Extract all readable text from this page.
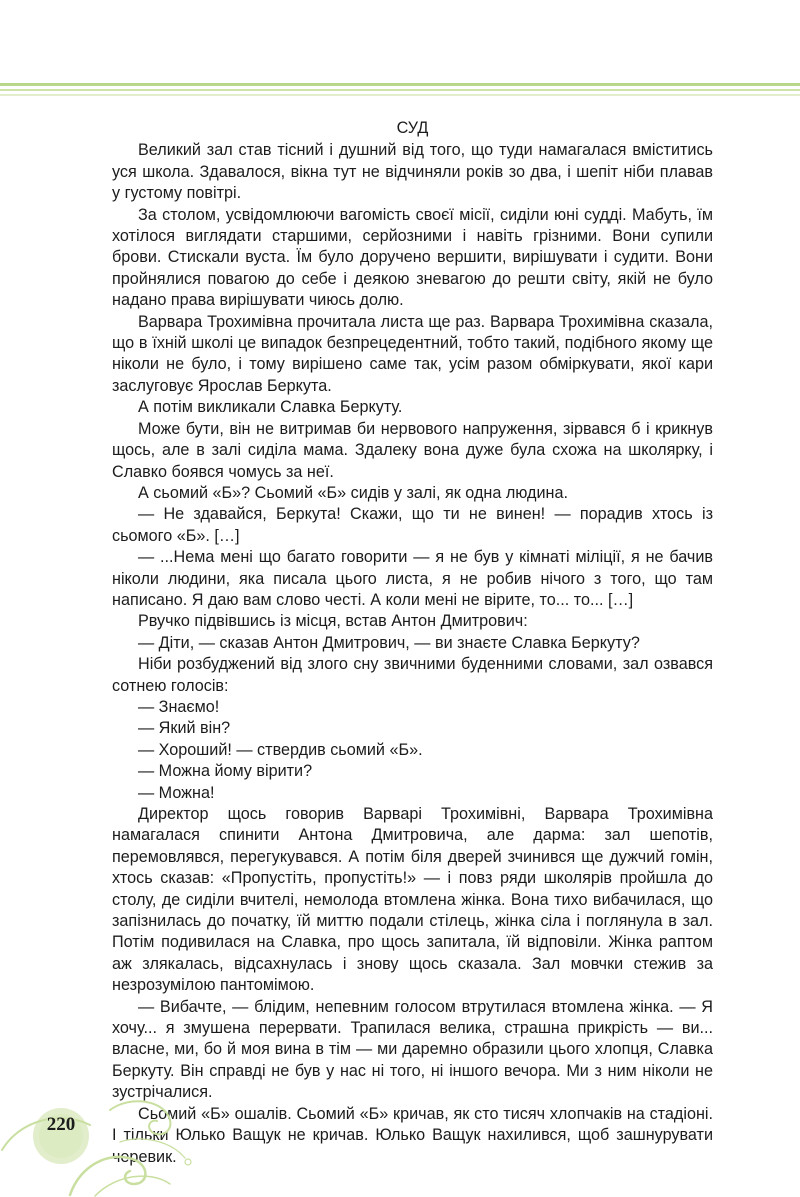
СУД

Великий зал став тісний і душний від того, що туди намагалася вміститись уся школа. Здавалося, вікна тут не відчиняли років зо два, і шепіт ніби плавав у густому повітрі.

За столом, усвідомлюючи вагомість своєї місії, сиділи юні судді. Мабуть, їм хотілося виглядати старшими, серйозними і навіть грізними. Вони супили брови. Стискали вуста. Їм було доручено вершити, вирішувати і судити. Вони пройнялися повагою до себе і деякою зневагою до решти світу, якій не було надано права вирішувати чиюсь долю.

Варвара Трохимівна прочитала листа ще раз. Варвара Трохимівна сказала, що в їхній школі це випадок безпрецедентний, тобто такий, подібного якому ще ніколи не було, і тому вирішено саме так, усім разом обміркувати, якої кари заслуговує Ярослав Беркута.

А потім викликали Славка Беркуту.

Може бути, він не витримав би нервового напруження, зірвався б і крикнув щось, але в залі сиділа мама. Здалеку вона дуже була схожа на школярку, і Славко боявся чомусь за неї.

А сьомий «Б»? Сьомий «Б» сидів у залі, як одна людина.

— Не здавайся, Беркута! Скажи, що ти не винен! — порадив хтось із сьомого «Б». […]

— ...Нема мені що багато говорити — я не був у кімнаті міліції, я не бачив ніколи людини, яка писала цього листа, я не робив нічого з того, що там написано. Я даю вам слово честі. А коли мені не вірите, то... то... […]

Рвучко підвівшись із місця, встав Антон Дмитрович:

— Діти, — сказав Антон Дмитрович, — ви знаєте Славка Беркуту?

Ніби розбуджений від злого сну звичними буденними словами, зал озвався сотнею голосів:

— Знаємо!

— Який він?

— Хороший! — ствердив сьомий «Б».

— Можна йому вірити?

— Можна!

Директор щось говорив Варварі Трохимівні, Варвара Трохимівна намагалася спинити Антона Дмитровича, але дарма: зал шепотів, перемовлявся, перегукувався. А потім біля дверей зчинився ще дужчий гомін, хтось сказав: «Пропустіть, пропустіть!» — і повз ряди школярів пройшла до столу, де сиділи вчителі, немолода втомлена жінка. Вона тихо вибачилася, що запізнилась до початку, їй миттю подали стілець, жінка сіла і поглянула в зал. Потім подивилася на Славка, про щось запитала, їй відповіли. Жінка раптом аж злякалась, відсахнулась і знову щось сказала. Зал мовчки стежив за незрозумілою пантомімою.

— Вибачте, — блідим, непевним голосом втрутилася втомлена жінка. — Я хочу... я змушена перервати. Трапилася велика, страшна прикрість — ви... власне, ми, бо й моя вина в тім — ми даремно образили цього хлопця, Славка Беркуту. Він справді не був у нас ні того, ні іншого вечора. Ми з ним ніколи не зустрічалися.

Сьомий «Б» ошалів. Сьомий «Б» кричав, як сто тисяч хлопчаків на стадіоні. І тільки Юлько Ващук не кричав. Юлько Ващук нахилився, щоб зашнурувати черевик.

220
